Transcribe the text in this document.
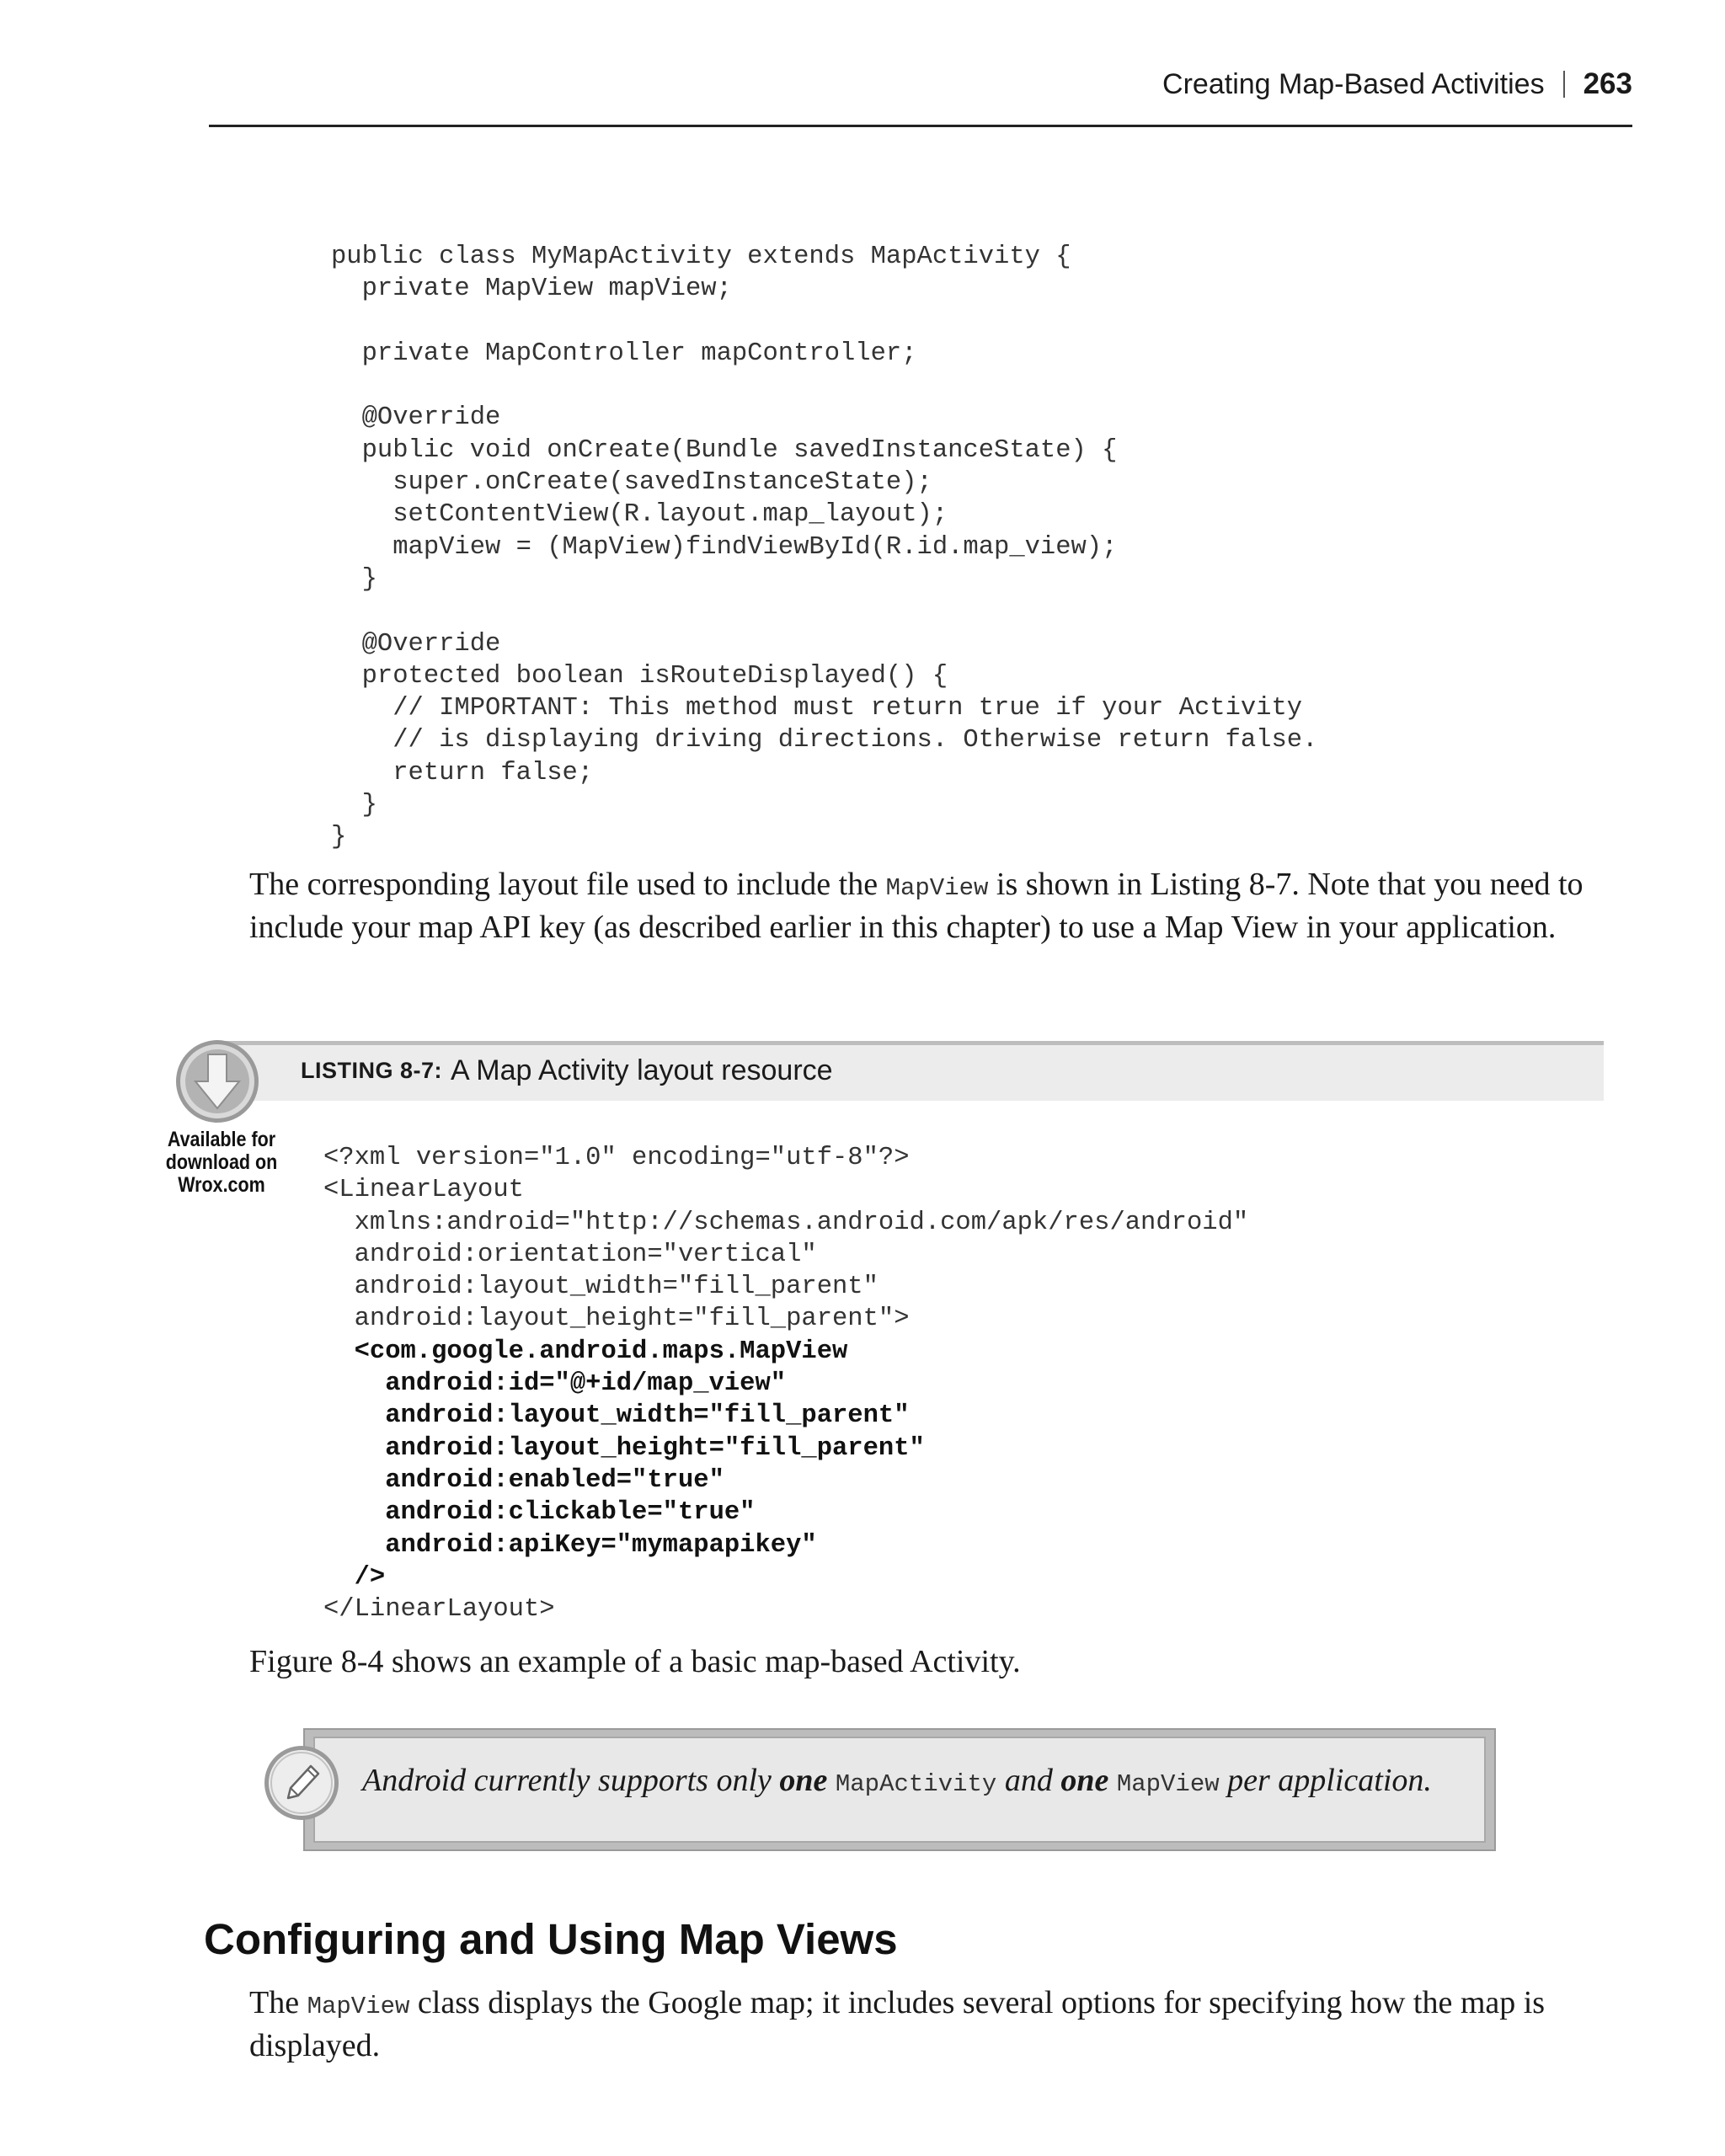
Creating Map-Based Activities 263
public class MyMapActivity extends MapActivity {
private MapView mapView;

private MapController mapController;

@Override
public void onCreate(Bundle savedInstanceState) {
super.onCreate(savedInstanceState);
setContentView(R.layout.map_layout);
mapView = (MapView)findViewById(R.id.map_view);
}

@Override
protected boolean isRouteDisplayed() {
// IMPORTANT: This method must return true if your Activity
// is displaying driving directions. Otherwise return false.
return false;
}
}
The corresponding layout file used to include the MapView is shown in Listing 8-7. Note that you need to include your map API key (as described earlier in this chapter) to use a Map View in your application.
LISTING 8-7: A Map Activity layout resource
Available for download on Wrox.com
<?xml version="1.0" encoding="utf-8"?>
<LinearLayout
xmlns:android="http://schemas.android.com/apk/res/android"
android:orientation="vertical"
android:layout_width="fill_parent"
android:layout_height="fill_parent">
<com.google.android.maps.MapView
android:id="@+id/map_view"
android:layout_width="fill_parent"
android:layout_height="fill_parent"
android:enabled="true"
android:clickable="true"
android:apiKey="mymapapikey"
/>
</LinearLayout>
Figure 8-4 shows an example of a basic map-based Activity.
Android currently supports only one MapActivity and one MapView per application.
Configuring and Using Map Views
The MapView class displays the Google map; it includes several options for specifying how the map is displayed.
